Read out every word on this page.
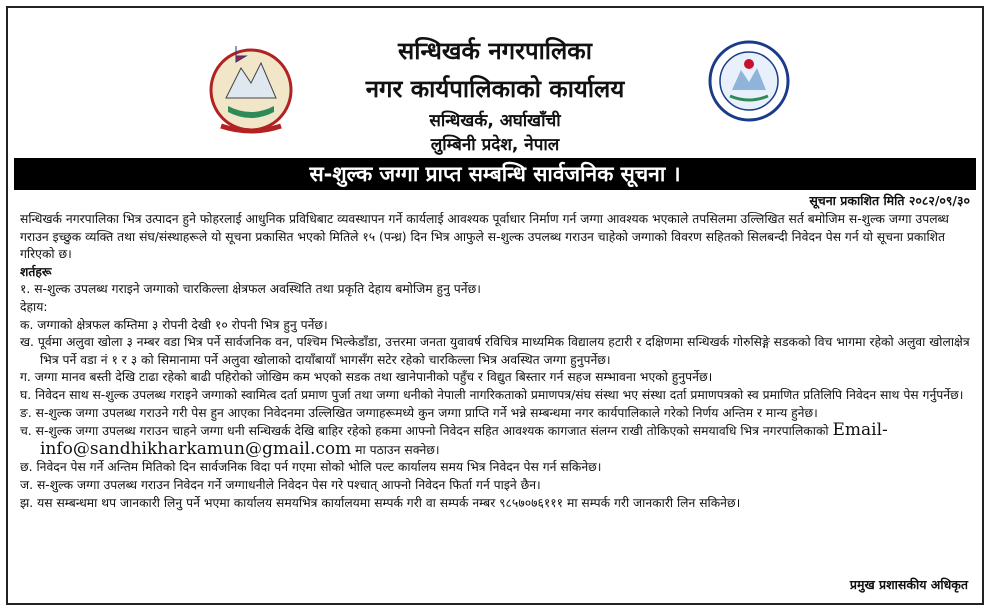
सन्धिखर्क नगरपालिका
नगर कार्यपालिकाको कार्यालय
सन्धिखर्क, अर्घाखाँची
लुम्बिनी प्रदेश, नेपाल
स-शुल्क जग्गा प्राप्त सम्बन्धि सार्वजनिक सूचना ।
सूचना प्रकाशित मिति २०८२/०९/३०

सन्धिखर्क नगरपालिका भित्र उत्पादन हुने फोहरलाई आधुनिक प्रविधिबाट व्यवस्थापन गर्ने कार्यलाई आवश्यक पूर्वाधार निर्माण गर्न जग्गा आवश्यक भएकाले तपसिलमा उल्लिखित सर्त बमोजिम स-शुल्क जग्गा उपलब्ध गराउन इच्छुक व्यक्ति तथा संघ/संस्थाहरूले यो सूचना प्रकासित भएको मितिले १५ (पन्ध्र) दिन भित्र आफुले स-शुल्क उपलब्ध गराउन चाहेको जग्गाको विवरण सहितको सिलबन्दी निवेदन पेस गर्न यो सूचना प्रकाशित गरिएको छ।

शर्तहरू

१. स-शुल्क उपलब्ध गराइने जग्गाको चारकिल्ला क्षेत्रफल अवस्थिति तथा प्रकृति देहाय बमोजिम हुनु पर्नेछ।

देहाय:

क. जग्गाको क्षेत्रफल कम्तिमा ३ रोपनी देखी १० रोपनी भित्र हुनु पर्नेछ।

ख. पूर्वमा अलुवा खोला ३ नम्बर वडा भित्र पर्ने सार्वजनिक वन, पश्चिम भिल्केडाँडा, उत्तरमा जनता युवावर्ष रविचित्र माध्यमिक विद्यालय हटारी र दक्षिणमा सन्धिखर्क गोरुसिङ्गे सडकको विच भागमा रहेको अलुवा खोलाक्षेत्र भित्र पर्ने वडा नं १ र ३ को सिमानामा पर्ने अलुवा खोलाको दायाँबायाँ भागसँग सटेर रहेको चारकिल्ला भित्र अवस्थित जग्गा हुनुपर्नेछ।

ग. जग्गा मानव बस्ती देखि टाढा रहेको बाढी पहिरोको जोखिम कम भएको सडक तथा खानेपानीको पहुँच र विद्युत बिस्तार गर्न सहज सम्भावना भएको हुनुपर्नेछ।

घ. निवेदन साथ स-शुल्क उपलब्ध गराइने जग्गाको स्वामित्व दर्ता प्रमाण पुर्जा तथा जग्गा धनीको नेपाली नागरिकताको प्रमाणपत्र/संघ संस्था भए संस्था दर्ता प्रमाणपत्रको स्व प्रमाणित प्रतिलिपि निवेदन साथ पेस गर्नुपर्नेछ।

ङ. स-शुल्क जग्गा उपलब्ध गराउने गरी पेस हुन आएका निवेदनमा उल्लिखित जग्गाहरूमध्ये कुन जग्गा प्राप्ति गर्ने भन्ने सम्बन्धमा नगर कार्यपालिकाले गरेको निर्णय अन्तिम र मान्य हुनेछ।

च. स-शुल्क जग्गा उपलब्ध गराउन चाहने जग्गा धनी सन्धिखर्क देखि बाहिर रहेको हकमा आफ्नो निवेदन सहित आवश्यक कागजात संलग्न राखी तोकिएको समयावधि भित्र नगरपालिकाको Email-info@sandhikharkamun@gmail.com मा पठाउन सक्नेछ।

छ. निवेदन पेस गर्ने अन्तिम मितिको दिन सार्वजनिक विदा पर्न गएमा सोको भोलि पल्ट कार्यालय समय भित्र निवेदन पेस गर्न सकिनेछ।

ज. स-शुल्क जग्गा उपलब्ध गराउन निवेदन गर्ने जग्गाधनीले निवेदन पेस गरे पश्चात् आफ्नो निवेदन फिर्ता गर्न पाइने छैन।

झ. यस सम्बन्धमा थप जानकारी लिनु पर्ने भएमा कार्यालय समयभित्र कार्यालयमा सम्पर्क गरी वा सम्पर्क नम्बर ९८५७०७६१११ मा सम्पर्क गरी जानकारी लिन सकिनेछ।

प्रमुख प्रशासकीय अधिकृत
